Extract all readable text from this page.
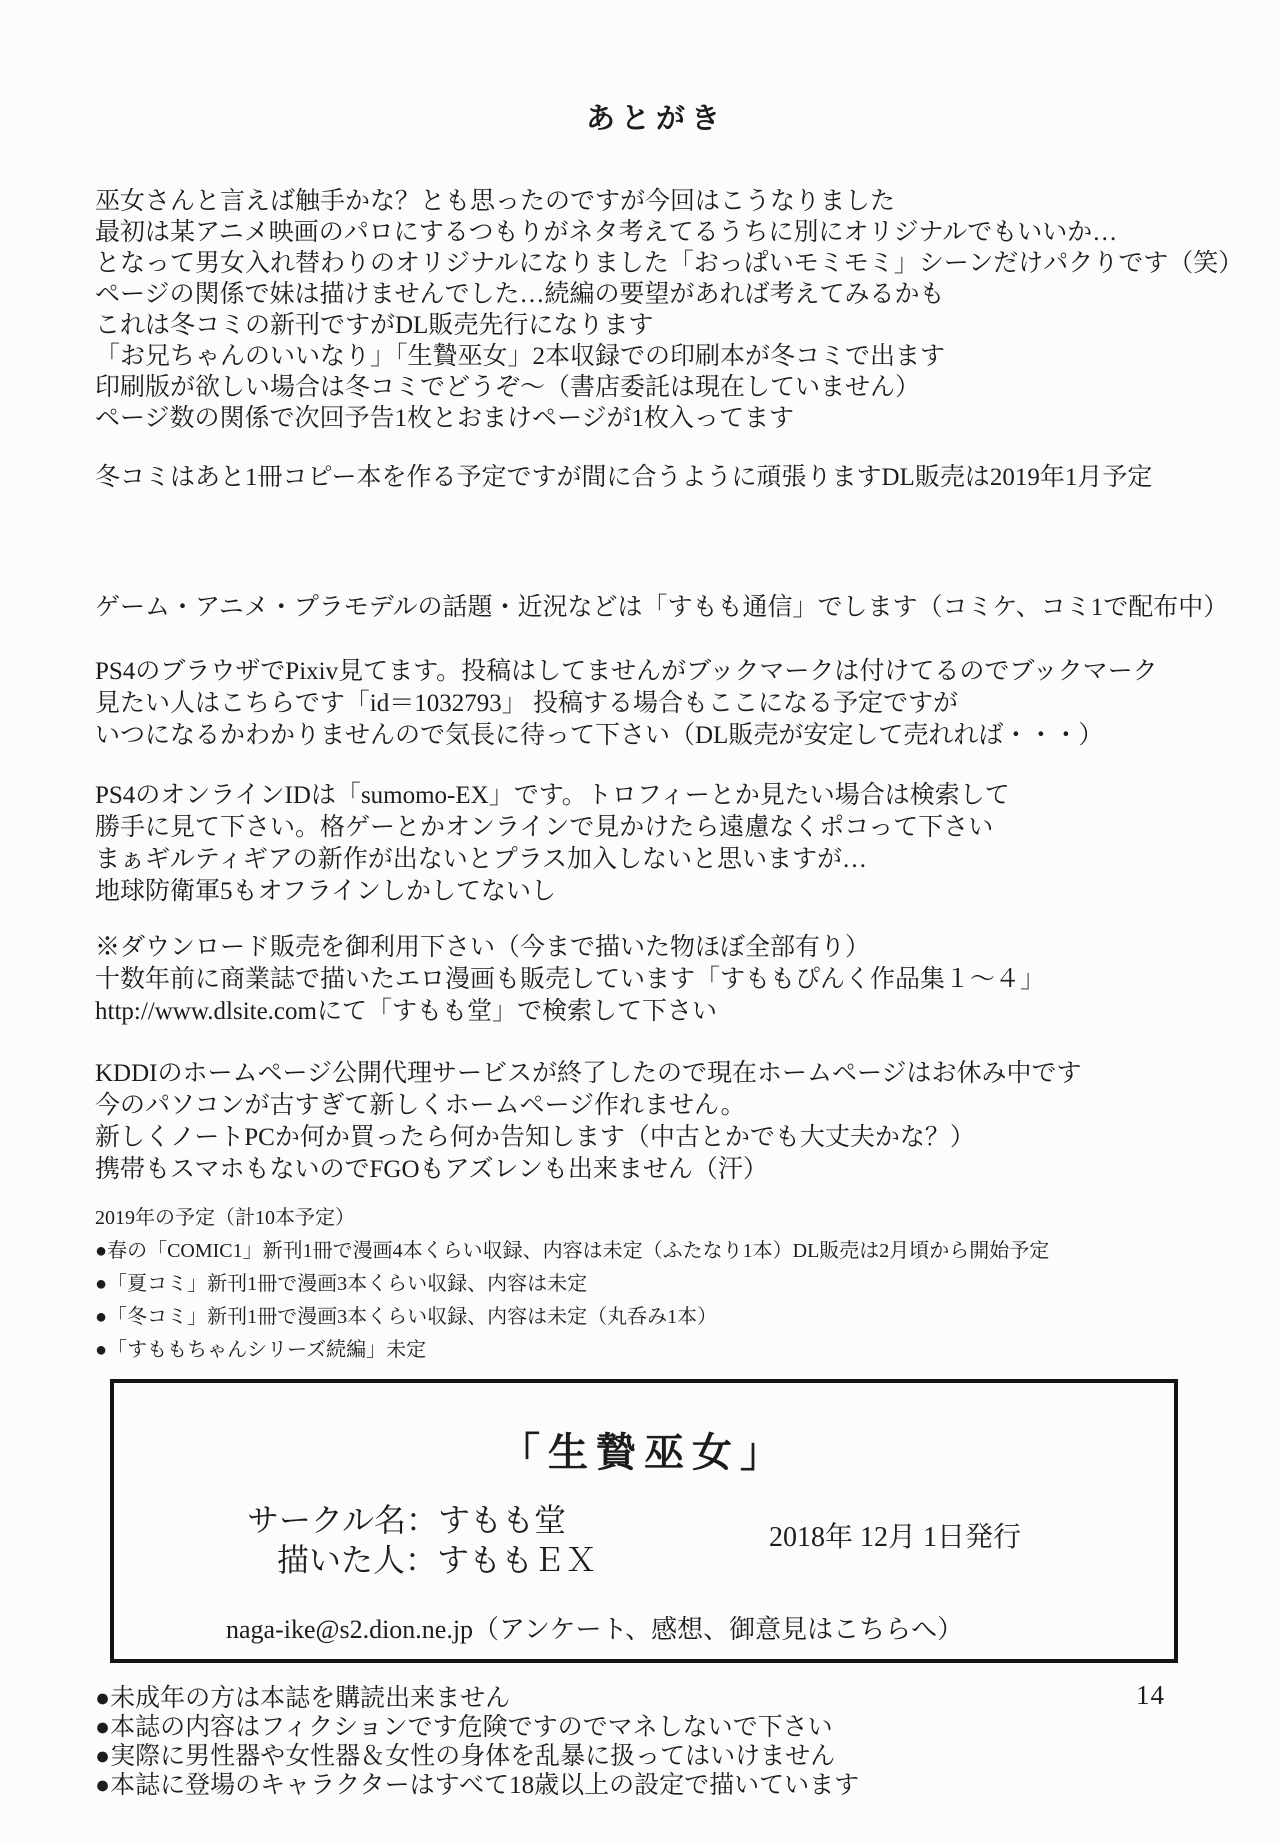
あとがき
巫女さんと言えば触手かな？とも思ったのですが今回はこうなりました
最初は某アニメ映画のパロにするつもりがネタ考えてるうちに別にオリジナルでもいいか…
となって男女入れ替わりのオリジナルになりました「おっぱいモミモミ」シーンだけパクりです（笑）
ページの関係で妹は描けませんでした…続編の要望があれば考えてみるかも
これは冬コミの新刊ですがDL販売先行になります
「お兄ちゃんのいいなり」「生贄巫女」2本収録での印刷本が冬コミで出ます
印刷版が欲しい場合は冬コミでどうぞ～（書店委託は現在していません）
ページ数の関係で次回予告1枚とおまけページが1枚入ってます
冬コミはあと1冊コピー本を作る予定ですが間に合うように頑張りますDL販売は2019年1月予定
ゲーム・アニメ・プラモデルの話題・近況などは「すもも通信」でします（コミケ、コミ1で配布中）
PS4のブラウザでPixiv見てます。投稿はしてませんがブックマークは付けてるのでブックマーク
見たい人はこちらです「id＝1032793」 投稿する場合もここになる予定ですが
いつになるかわかりませんので気長に待って下さい（DL販売が安定して売れれば・・・）
PS4のオンラインIDは「sumomo-EX」です。トロフィーとか見たい場合は検索して
勝手に見て下さい。格ゲーとかオンラインで見かけたら遠慮なくポコって下さい
まぁギルティギアの新作が出ないとプラス加入しないと思いますが…
地球防衛軍5もオフラインしかしてないし
※ダウンロード販売を御利用下さい（今まで描いた物ほぼ全部有り）
十数年前に商業誌で描いたエロ漫画も販売しています「すももぴんく作品集１～４」
http://www.dlsite.comにて「すもも堂」で検索して下さい
KDDIのホームページ公開代理サービスが終了したので現在ホームページはお休み中です
今のパソコンが古すぎて新しくホームページ作れません。
新しくノートPCか何か買ったら何か告知します（中古とかでも大丈夫かな？）
携帯もスマホもないのでFGOもアズレンも出来ません（汗）
2019年の予定（計10本予定）
●春の「COMIC1」新刊1冊で漫画4本くらい収録、内容は未定（ふたなり1本）DL販売は2月頃から開始予定
●「夏コミ」新刊1冊で漫画3本くらい収録、内容は未定
●「冬コミ」新刊1冊で漫画3本くらい収録、内容は未定（丸呑み1本）
●「すももちゃんシリーズ続編」未定
「生贄巫女」
サークル名：すもも堂
描いた人：すももＥＸ
2018年 12月 1日発行
naga-ike@s2.dion.ne.jp（アンケート、感想、御意見はこちらへ）
●未成年の方は本誌を購読出来ません
●本誌の内容はフィクションです危険ですのでマネしないで下さい
●実際に男性器や女性器＆女性の身体を乱暴に扱ってはいけません
●本誌に登場のキャラクターはすべて18歳以上の設定で描いています
14
